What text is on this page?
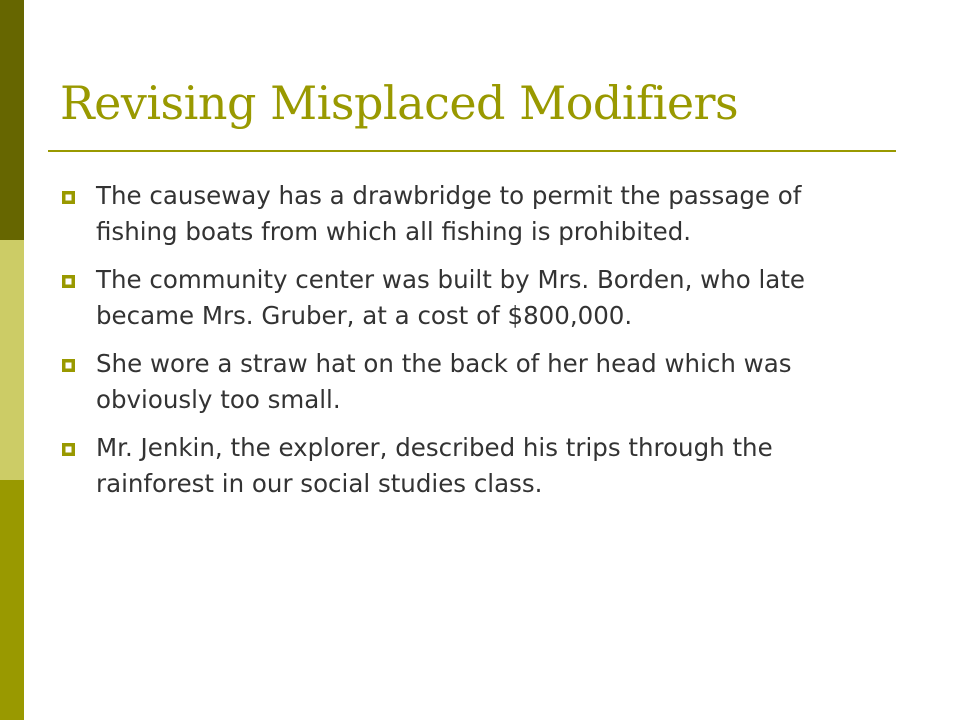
Revising Misplaced Modifiers
The causeway has a drawbridge to permit the passage of fishing boats from which all fishing is prohibited.
The community center was built by Mrs. Borden, who late became Mrs. Gruber, at a cost of $800,000.
She wore a straw hat on the back of her head which was obviously too small.
Mr. Jenkin, the explorer, described his trips through the rainforest in our social studies class.
